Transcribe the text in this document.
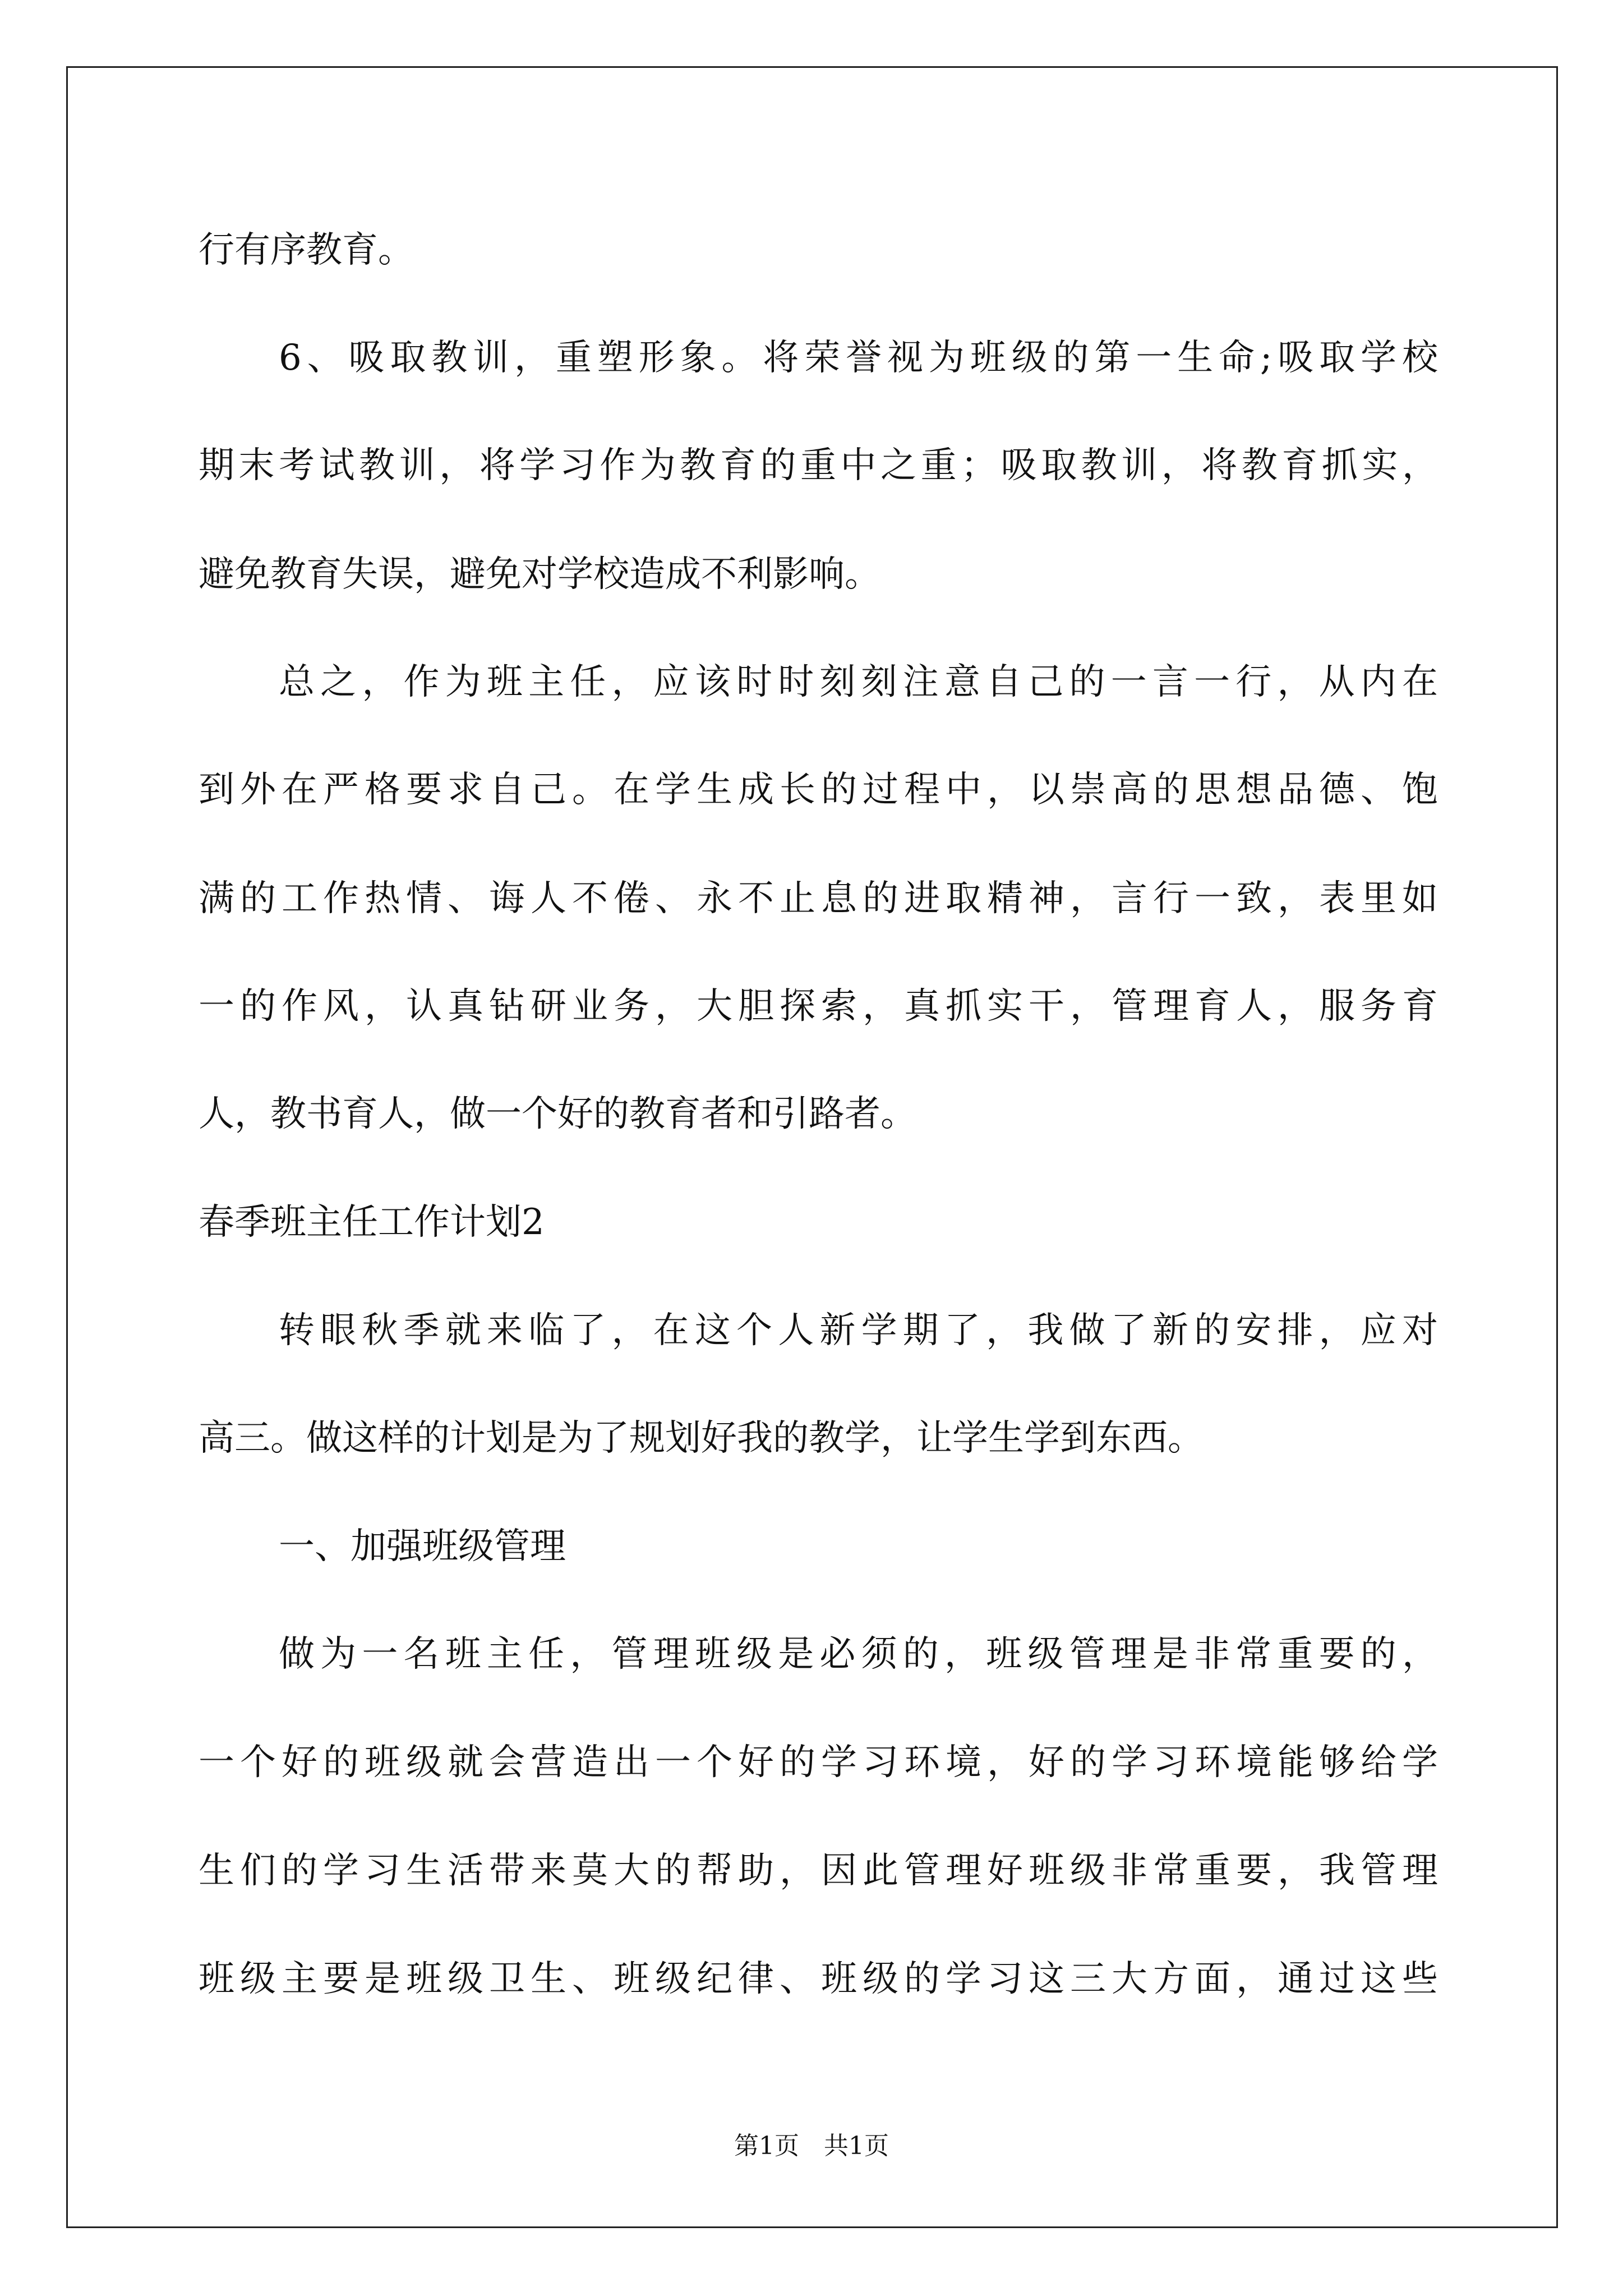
行有序教育。
6、吸取教训，重塑形象。将荣誉视为班级的第一生命;吸取学校
期末考试教训，将学习作为教育的重中之重；吸取教训，将教育抓实，
避免教育失误，避免对学校造成不利影响。
总之，作为班主任，应该时时刻刻注意自己的一言一行，从内在
到外在严格要求自己。在学生成长的过程中，以崇高的思想品德、饱
满的工作热情、诲人不倦、永不止息的进取精神，言行一致，表里如
一的作风，认真钻研业务，大胆探索，真抓实干，管理育人，服务育
人，教书育人，做一个好的教育者和引路者。
春季班主任工作计划2
转眼秋季就来临了，在这个人新学期了，我做了新的安排，应对
高三。做这样的计划是为了规划好我的教学，让学生学到东西。
一、加强班级管理
做为一名班主任，管理班级是必须的，班级管理是非常重要的，
一个好的班级就会营造出一个好的学习环境，好的学习环境能够给学
生们的学习生活带来莫大的帮助，因此管理好班级非常重要，我管理
班级主要是班级卫生、班级纪律、班级的学习这三大方面，通过这些
第1页 共1页
